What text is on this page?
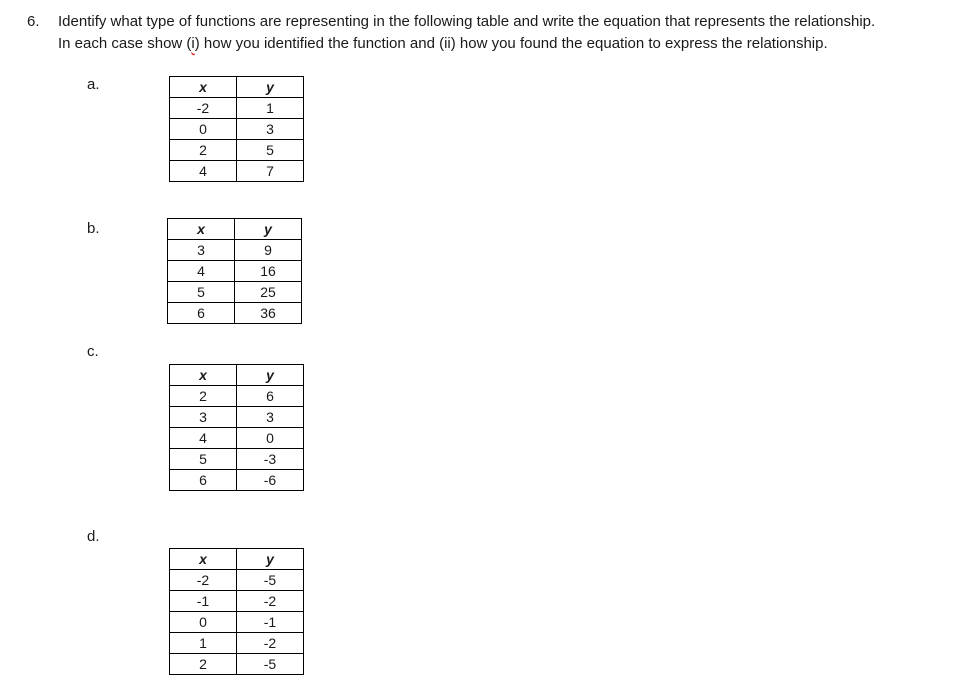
6. Identify what type of functions are representing in the following table and write the equation that represents the relationship.
In each case show (i) how you identified the function and (ii) how you found the equation to express the relationship.
a.	x	y
-2	1
0	3
2	5
4	7
b.	x	y
3	9
4	16
5	25
6	36
c.
x	y
2	6
3	3
4	0
5	-3
6	-6
d.
x	y
-2	-5
-1	-2
0	-1
1	-2
2	-5
